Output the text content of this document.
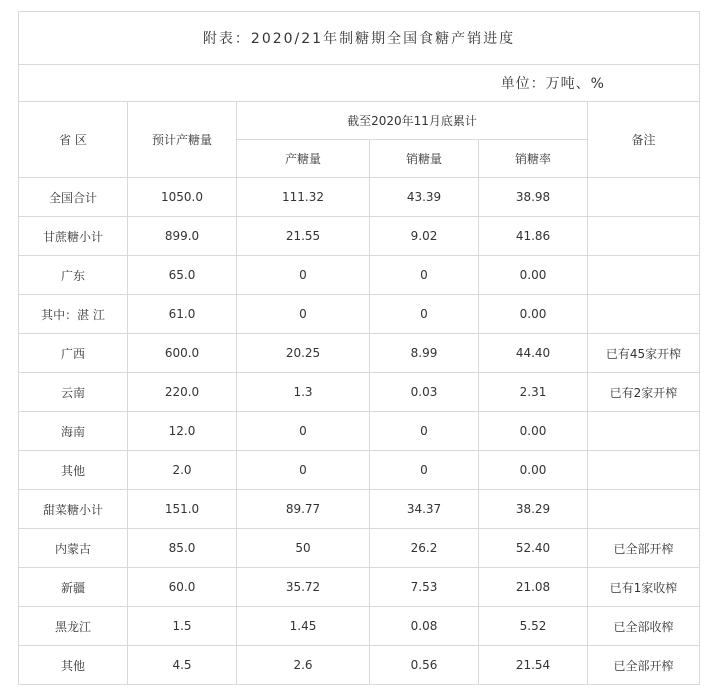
附表：2020/21年制糖期全国食糖产销进度					
单位：万吨、%					
省 区	预计产糖量	截至2020年11月底累计			备注
		产糖量	销糖量	销糖率	
全国合计	1050.0	111.32	43.39	38.98	
甘蔗糖小计	899.0	21.55	9.02	41.86	
广东	65.0	0	0	0.00	
其中：湛 江	61.0	0	0	0.00	
广西	600.0	20.25	8.99	44.40	已有45家开榨
云南	220.0	1.3	0.03	2.31	已有2家开榨
海南	12.0	0	0	0.00	
其他	2.0	0	0	0.00	
甜菜糖小计	151.0	89.77	34.37	38.29	
内蒙古	85.0	50	26.2	52.40	已全部开榨
新疆	60.0	35.72	7.53	21.08	已有1家收榨
黑龙江	1.5	1.45	0.08	5.52	已全部收榨
其他	4.5	2.6	0.56	21.54	已全部开榨
